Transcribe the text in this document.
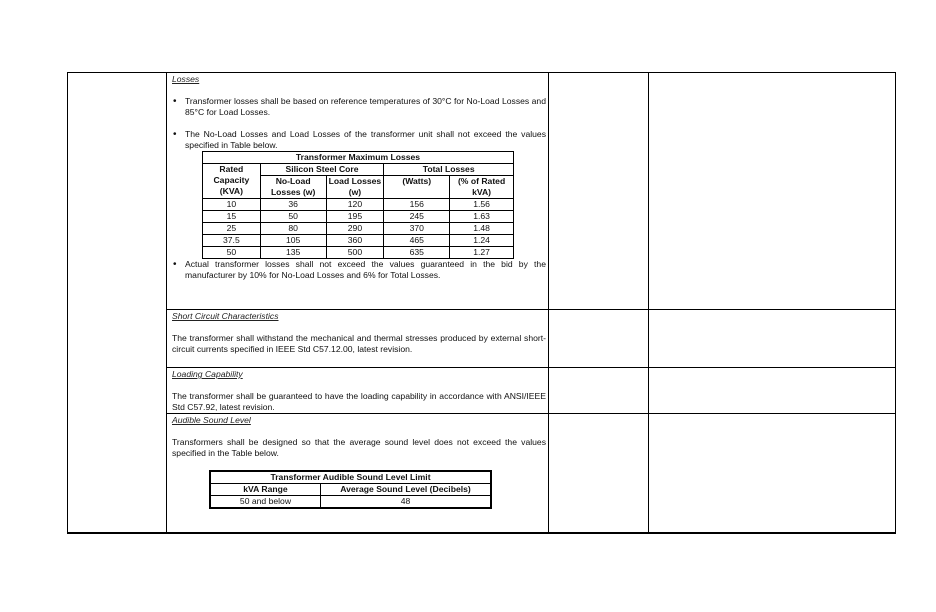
Losses
• Transformer losses shall be based on reference temperatures of 30°C for No-Load Losses and 85°C for Load Losses.
• The No-Load Losses and Load Losses of the transformer unit shall not exceed the values specified in Table below.
Transformer Maximum Losses				
Rated Capacity (KVA)	Silicon Steel Core		Total Losses	
	No-Load Losses (w)	Load Losses (w)	(Watts)	(% of Rated kVA)
10	36	120	156	1.56
15	50	195	245	1.63
25	80	290	370	1.48
37.5	105	360	465	1.24
50	135	500	635	1.27
• Actual transformer losses shall not exceed the values guaranteed in the bid by the manufacturer by 10% for No-Load Losses and 6% for Total Losses.
Short Circuit Characteristics
The transformer shall withstand the mechanical and thermal stresses produced by external short-circuit currents specified in IEEE Std C57.12.00, latest revision.
Loading Capability
The transformer shall be guaranteed to have the loading capability in accordance with ANSI/IEEE Std C57.92, latest revision.
Audible Sound Level
Transformers shall be designed so that the average sound level does not exceed the values specified in the Table below.
Transformer Audible Sound Level Limit	
kVA Range	Average Sound Level (Decibels)
50 and below	48
